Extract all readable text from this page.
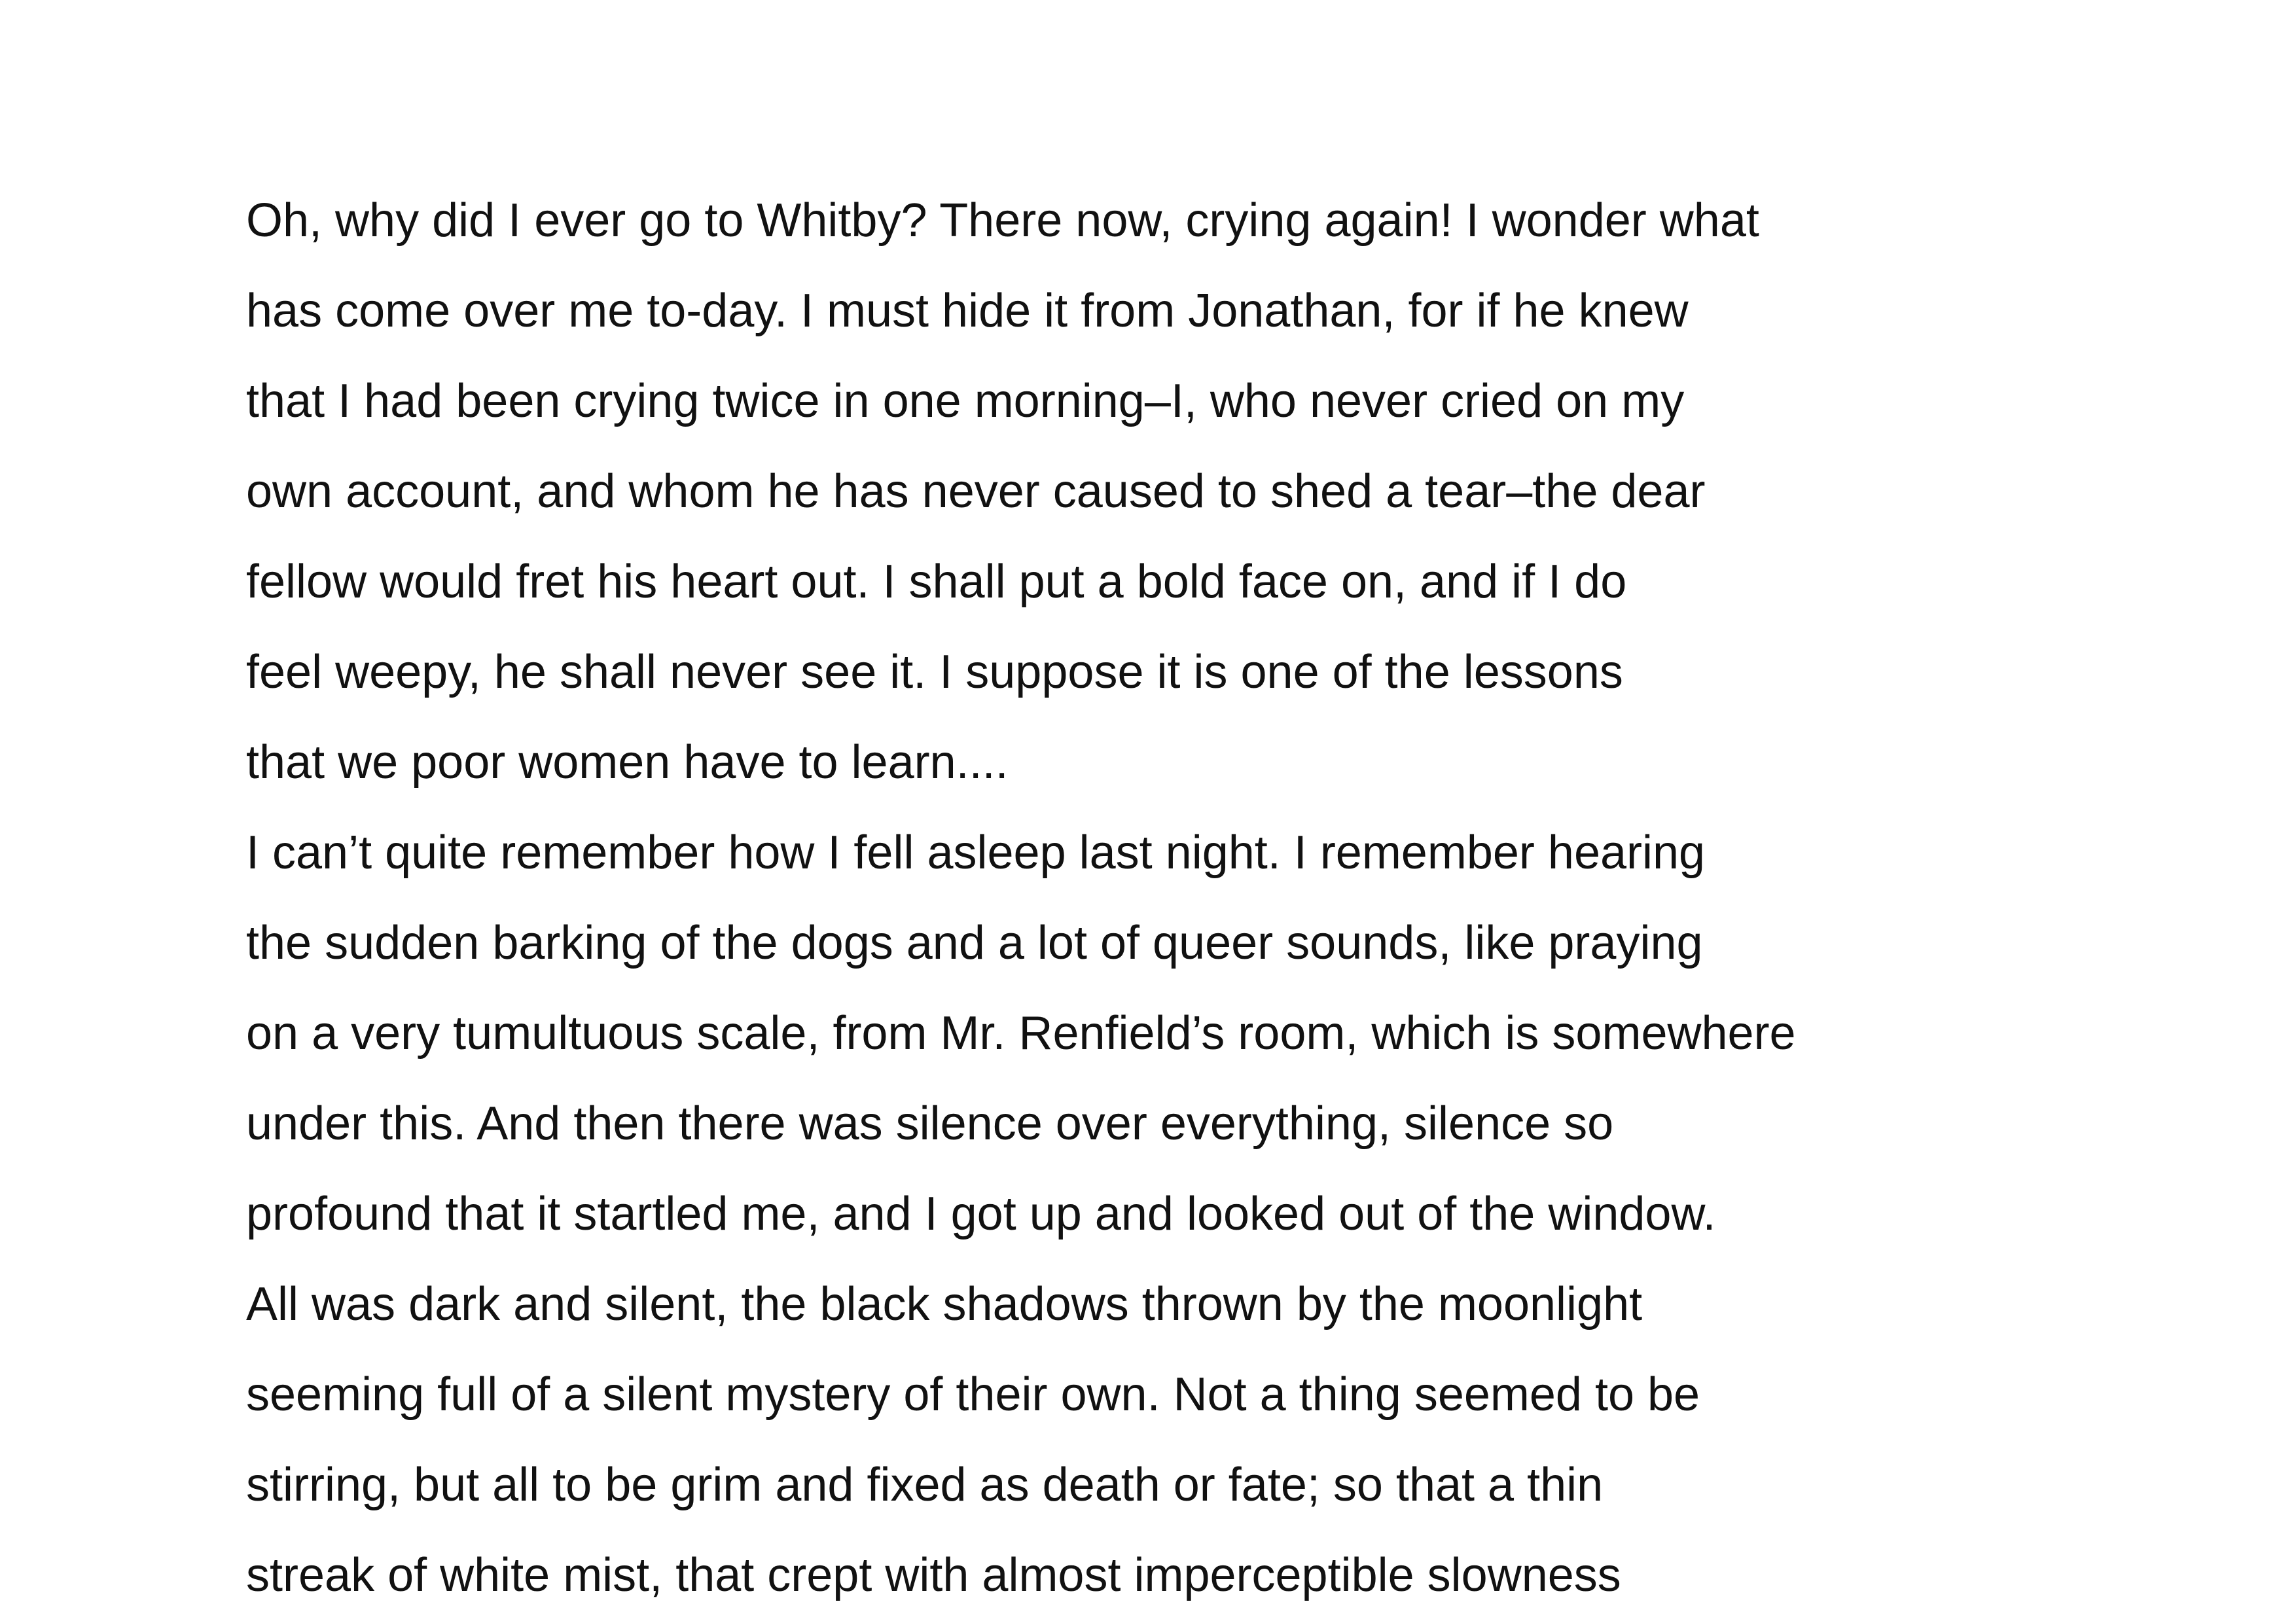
Oh, why did I ever go to Whitby? There now, crying again! I wonder what
has come over me to-day. I must hide it from Jonathan, for if he knew
that I had been crying twice in one morning–I, who never cried on my
own account, and whom he has never caused to shed a tear–the dear
fellow would fret his heart out. I shall put a bold face on, and if I do
feel weepy, he shall never see it. I suppose it is one of the lessons
that we poor women have to learn....
I can’t quite remember how I fell asleep last night. I remember hearing
the sudden barking of the dogs and a lot of queer sounds, like praying
on a very tumultuous scale, from Mr. Renfield’s room, which is somewhere
under this. And then there was silence over everything, silence so
profound that it startled me, and I got up and looked out of the window.
All was dark and silent, the black shadows thrown by the moonlight
seeming full of a silent mystery of their own. Not a thing seemed to be
stirring, but all to be grim and fixed as death or fate; so that a thin
streak of white mist, that crept with almost imperceptible slowness
